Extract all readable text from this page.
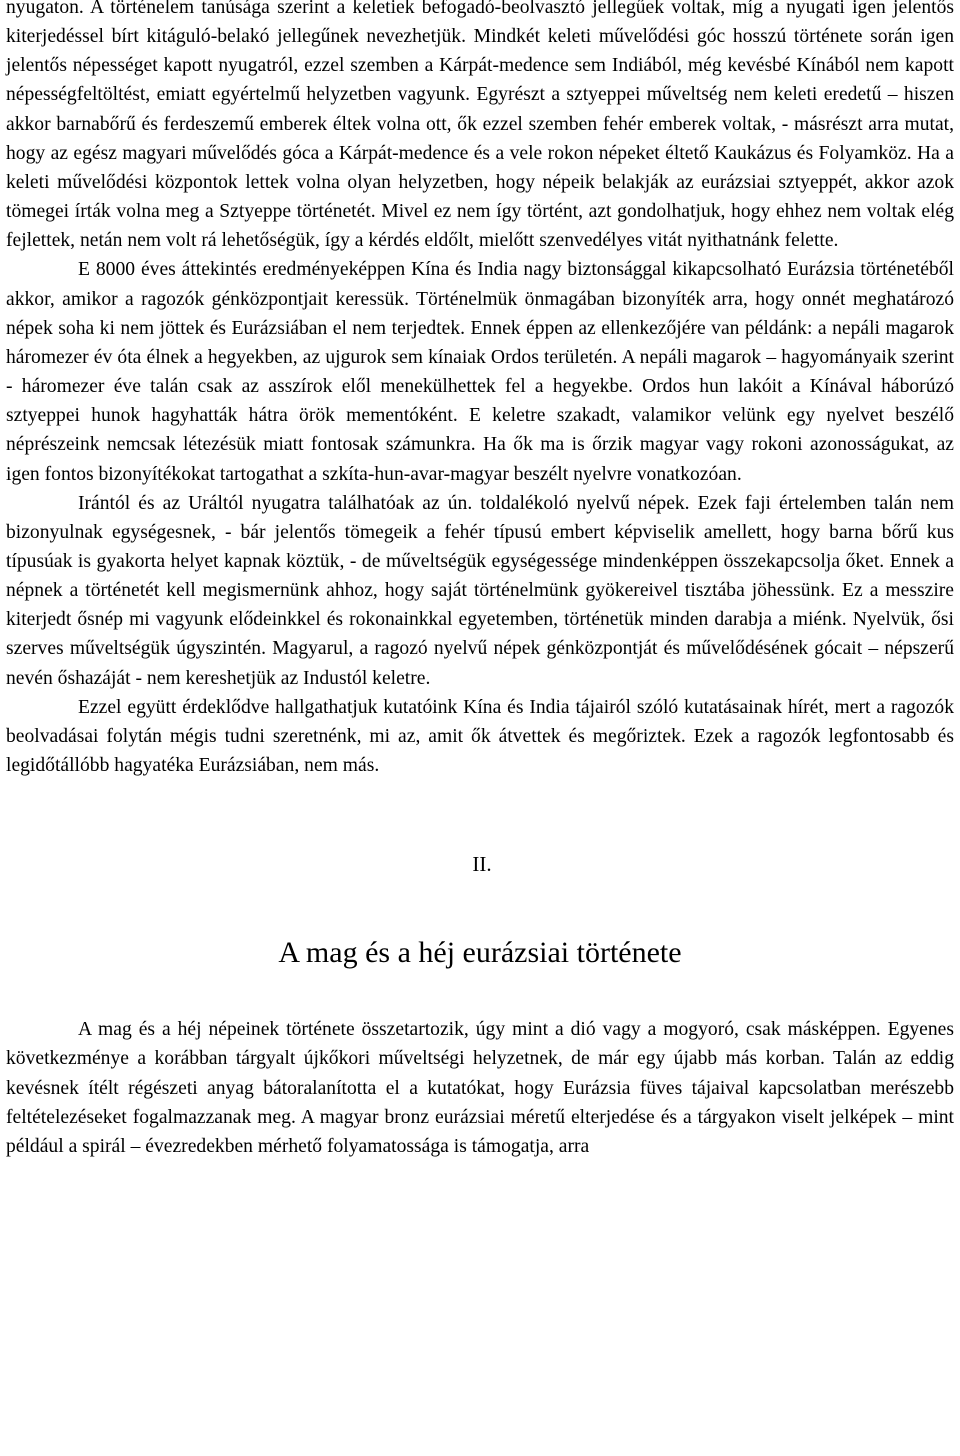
nyugaton. A történelem tanúsága szerint a keletiek befogadó-beolvasztó jellegűek voltak, míg a nyugati igen jelentős kiterjedéssel bírt kitáguló-belakó jellegűnek nevezhetjük. Mindkét keleti művelődési góc hosszú története során igen jelentős népességet kapott nyugatról, ezzel szemben a Kárpát-medence sem Indiából, még kevésbé Kínából nem kapott népességfeltöltést, emiatt egyértelmű helyzetben vagyunk. Egyrészt a sztyeppei műveltség nem keleti eredetű – hiszen akkor barnabőrű és ferdeszemű emberek éltek volna ott, ők ezzel szemben fehér emberek voltak, - másrészt arra mutat, hogy az egész magyari művelődés góca a Kárpát-medence és a vele rokon népeket éltető Kaukázus és Folyamköz. Ha a keleti művelődési központok lettek volna olyan helyzetben, hogy népeik belakják az eurázsiai sztyeppét, akkor azok tömegei írták volna meg a Sztyeppe történetét. Mivel ez nem így történt, azt gondolhatjuk, hogy ehhez nem voltak elég fejlettek, netán nem volt rá lehetőségük, így a kérdés eldőlt, mielőtt szenvedélyes vitát nyithatnánk felette.

E 8000 éves áttekintés eredményeképpen Kína és India nagy biztonsággal kikapcsolható Eurázsia történetéből akkor, amikor a ragozók génközpontjait keressük. Történelmük önmagában bizonyíték arra, hogy onnét meghatározó népek soha ki nem jöttek és Eurázsiában el nem terjedtek. Ennek éppen az ellenkezőjére van példánk: a nepáli magarok háromezer év óta élnek a hegyekben, az ujgurok sem kínaiak Ordos területén. A nepáli magarok – hagyományaik szerint - háromezer éve talán csak az asszírok elől menekülhettek fel a hegyekbe. Ordos hun lakóit a Kínával háborúzó sztyeppei hunok hagyhatták hátra örök mementóként. E keletre szakadt, valamikor velünk egy nyelvet beszélő néprészeink nemcsak létezésük miatt fontosak számunkra. Ha ők ma is őrzik magyar vagy rokoni azonosságukat, az igen fontos bizonyítékokat tartogathat a szkíta-hun-avar-magyar beszélt nyelvre vonatkozóan.

Irántól és az Uráltól nyugatra találhatóak az ún. toldalékoló nyelvű népek. Ezek faji értelemben talán nem bizonyulnak egységesnek, - bár jelentős tömegeik a fehér típusú embert képviselik amellett, hogy barna bőrű kus típusúak is gyakorta helyet kapnak köztük, - de műveltségük egységessége mindenképpen összekapcsolja őket. Ennek a népnek a történetét kell megismernünk ahhoz, hogy saját történelmünk gyökereivel tisztába jöhessünk. Ez a messzire kiterjedt ősnép mi vagyunk elődeinkkel és rokonainkkal egyetemben, történetük minden darabja a miénk. Nyelvük, ősi szerves műveltségük úgyszintén. Magyarul, a ragozó nyelvű népek génközpontját és művelődésének gócait – népszerű nevén őshazáját - nem kereshetjük az Industól keletre.

Ezzel együtt érdeklődve hallgathatjuk kutatóink Kína és India tájairól szóló kutatásainak hírét, mert a ragozók beolvadásai folytán mégis tudni szeretnénk, mi az, amit ők átvettek és megőriztek. Ezek a ragozók legfontosabb és legidőtállóbb hagyatéka Eurázsiában, nem más.

II.
A mag és a héj eurázsiai története

A mag és a héj népeinek története összetartozik, úgy mint a dió vagy a mogyoró, csak másképpen. Egyenes következménye a korábban tárgyalt újkőkori műveltségi helyzetnek, de már egy újabb más korban. Talán az eddig kevésnek ítélt régészeti anyag bátoralanította el a kutatókat, hogy Eurázsia füves tájaival kapcsolatban merészebb feltételezéseket fogalmazzanak meg. A magyar bronz eurázsiai méretű elterjedése és a tárgyakon viselt jelképek – mint például a spirál – évezredekben mérhető folyamatossága is támogatja, arra
